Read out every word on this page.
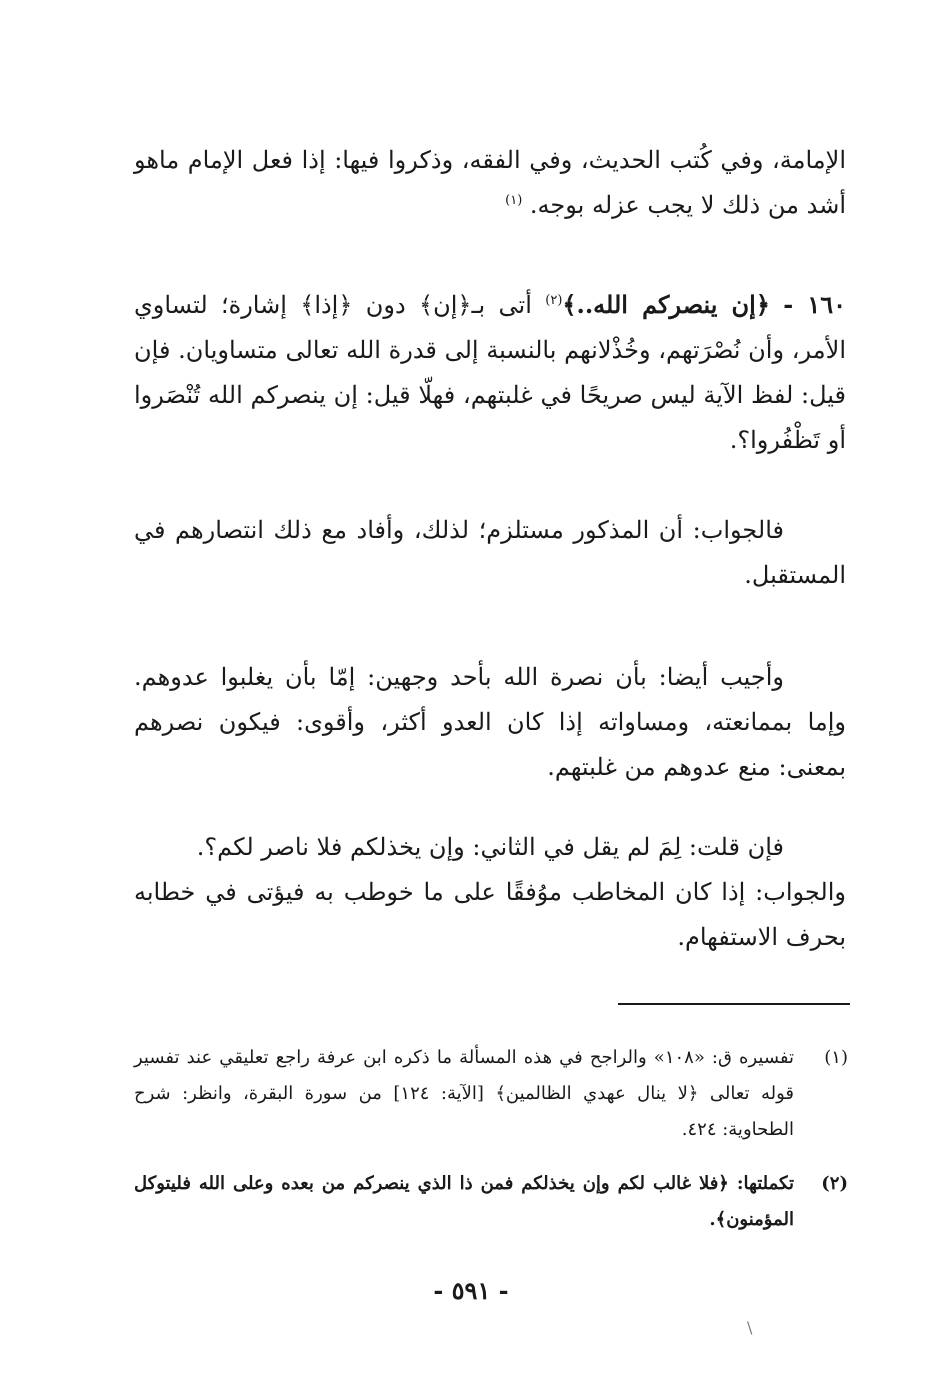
الإمامة، وفي كُتب الحديث، وفي الفقه، وذكروا فيها: إذا فعل الإمام ماهو أشد من ذلك لا يجب عزله بوجه. $^{(١)}$

١٦٠ - ﴿إن ينصركم الله..﴾$^{(٢)}$ أتى بـ﴿إن﴾ دون ﴿إذا﴾ إشارة؛ لتساوي الأمر، وأن نُصْرَتهم، وخُذْلانهم بالنسبة إلى قدرة الله تعالى متساويان. فإن قيل: لفظ الآية ليس صريحًا في غلبتهم، فهلّا قيل: إن ينصركم الله تُنْصَروا أو تَظْفُروا؟.

فالجواب: أن المذكور مستلزم؛ لذلك، وأفاد مع ذلك انتصارهم في المستقبل.

وأجيب أيضا: بأن نصرة الله بأحد وجهين: إمّا بأن يغلبوا عدوهم. وإما بممانعته، ومساواته إذا كان العدو أكثر، وأقوى: فيكون نصرهم بمعنى: منع عدوهم من غلبتهم.

فإن قلت: لِمَ لم يقل في الثاني: وإن يخذلكم فلا ناصر لكم؟.

والجواب: إذا كان المخاطب موُفقًا على ما خوطب به فيؤتى في خطابه بحرف الاستفهام.

(١)
تفسيره ق: «١٠٨» والراجح في هذه المسألة ما ذكره ابن عرفة راجع تعليقي عند تفسير قوله تعالى ﴿لا ينال عهدي الظالمين﴾ [الآية: ١٢٤] من سورة البقرة، وانظر: شرح الطحاوية: ٤٢٤.
(٢)
تكملتها: ﴿فلا غالب لكم وإن يخذلكم فمن ذا الذي ينصركم من بعده وعلى الله فليتوكل المؤمنون﴾.
- ٥٩١ -
\
